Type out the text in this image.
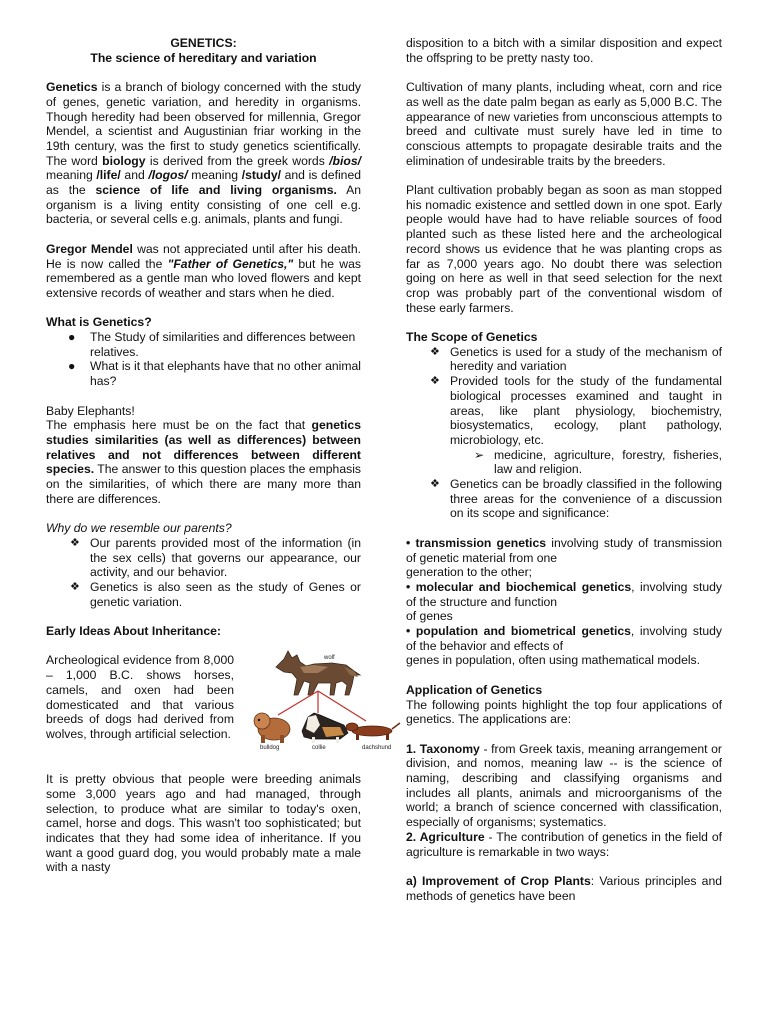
GENETICS:

The science of hereditary and variation

Genetics is a branch of biology concerned with the study of genes, genetic variation, and heredity in organisms. Though heredity had been observed for millennia, Gregor Mendel, a scientist and Augustinian friar working in the 19th century, was the first to study genetics scientifically. The word biology is derived from the greek words /bios/ meaning /life/ and /logos/ meaning /study/ and is defined as the science of life and living organisms. An organism is a living entity consisting of one cell e.g. bacteria, or several cells e.g. animals, plants and fungi.

Gregor Mendel was not appreciated until after his death. He is now called the "Father of Genetics," but he was remembered as a gentle man who loved flowers and kept extensive records of weather and stars when he died.

What is Genetics?

● The Study of similarities and differences between relatives.
● What is it that elephants have that no other animal has?

Baby Elephants!

The emphasis here must be on the fact that genetics studies similarities (as well as differences) between relatives and not differences between different species. The answer to this question places the emphasis on the similarities, of which there are many more than there are differences.

Why do we resemble our parents?

❖ Our parents provided most of the information (in the sex cells) that governs our appearance, our activity, and our behavior.
❖ Genetics is also seen as the study of Genes or genetic variation.

Early Ideas About Inheritance:

Archeological evidence from 8,000 – 1,000 B.C. shows horses, camels, and oxen had been domesticated and that various breeds of dogs had derived from wolves, through artificial selection.

wolf
bulldog	collie	dachshund

It is pretty obvious that people were breeding animals some 3,000 years ago and had managed, through selection, to produce what are similar to today's oxen, camel, horse and dogs. This wasn't too sophisticated; but indicates that they had some idea of inheritance. If you want a good guard dog, you would probably mate a male with a nasty

disposition to a bitch with a similar disposition and expect the offspring to be pretty nasty too.

Cultivation of many plants, including wheat, corn and rice as well as the date palm began as early as 5,000 B.C. The appearance of new varieties from unconscious attempts to breed and cultivate must surely have led in time to conscious attempts to propagate desirable traits and the elimination of undesirable traits by the breeders.

Plant cultivation probably began as soon as man stopped his nomadic existence and settled down in one spot. Early people would have had to have reliable sources of food planted such as these listed here and the archeological record shows us evidence that he was planting crops as far as 7,000 years ago. No doubt there was selection going on here as well in that seed selection for the next crop was probably part of the conventional wisdom of these early farmers.

The Scope of Genetics

❖ Genetics is used for a study of the mechanism of heredity and variation
❖ Provided tools for the study of the fundamental biological processes examined and taught in areas, like plant physiology, biochemistry, biosystematics, ecology, plant pathology, microbiology, etc.
➢ medicine, agriculture, forestry, fisheries, law and religion.
❖ Genetics can be broadly classified in the following three areas for the convenience of a discussion on its scope and significance:

• transmission genetics involving study of transmission of genetic material from one

generation to the other;

• molecular and biochemical genetics, involving study of the structure and function

of genes

• population and biometrical genetics, involving study of the behavior and effects of

genes in population, often using mathematical models.

Application of Genetics

The following points highlight the top four applications of genetics. The applications are:

1. Taxonomy - from Greek taxis, meaning arrangement or division, and nomos, meaning law -- is the science of naming, describing and classifying organisms and includes all plants, animals and microorganisms of the world; a branch of science concerned with classification, especially of organisms; systematics.

2. Agriculture - The contribution of genetics in the field of agriculture is remarkable in two ways:

a) Improvement of Crop Plants: Various principles and methods of genetics have been
